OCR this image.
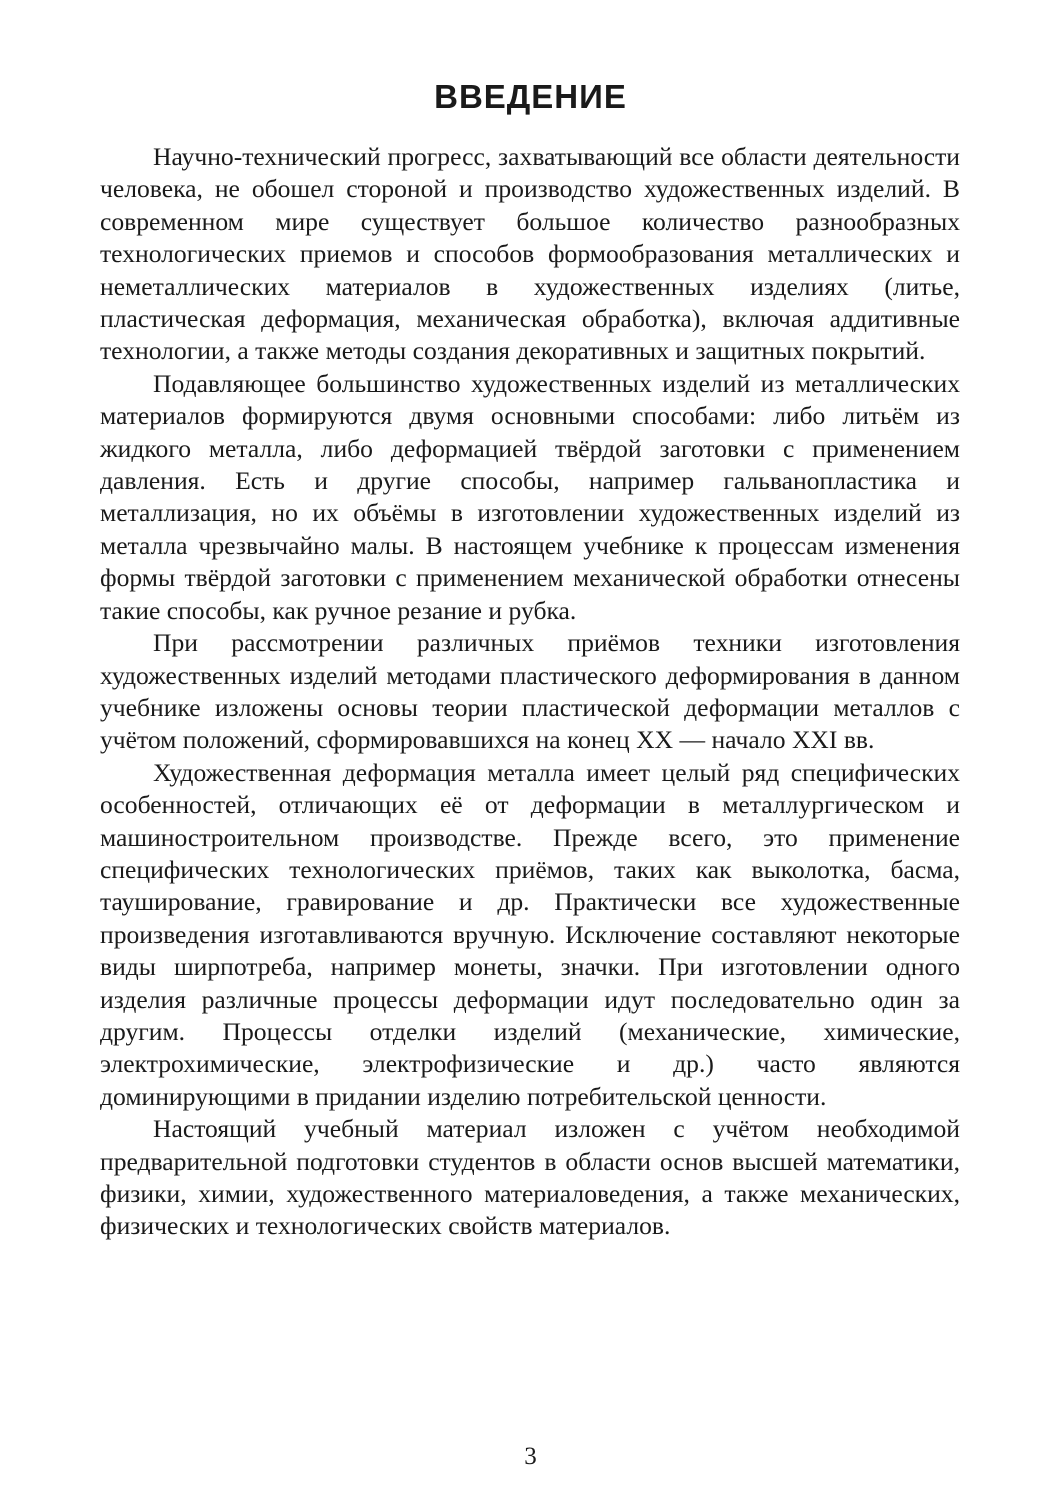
ВВЕДЕНИЕ

Научно-технический прогресс, захватывающий все области деятельности человека, не обошел стороной и производство художественных изделий. В современном мире существует большое количество разнообразных технологических приемов и способов формообразования металлических и неметаллических материалов в художественных изделиях (литье, пластическая деформация, механическая обработка), включая аддитивные технологии, а также методы создания декоративных и защитных покрытий.

Подавляющее большинство художественных изделий из металлических материалов формируются двумя основными способами: либо литьём из жидкого металла, либо деформацией твёрдой заготовки с применением давления. Есть и другие способы, например гальванопластика и металлизация, но их объёмы в изготовлении художественных изделий из металла чрезвычайно малы. В настоящем учебнике к процессам изменения формы твёрдой заготовки с применением механической обработки отнесены такие способы, как ручное резание и рубка.

При рассмотрении различных приёмов техники изготовления художественных изделий методами пластического деформирования в данном учебнике изложены основы теории пластической деформации металлов с учётом положений, сформировавшихся на конец XX — начало XXI вв.

Художественная деформация металла имеет целый ряд специфических особенностей, отличающих её от деформации в металлургическом и машиностроительном производстве. Прежде всего, это применение специфических технологических приёмов, таких как выколотка, басма, таушированиe, гравирование и др. Практически все художественные произведения изготавливаются вручную. Исключение составляют некоторые виды ширпотреба, например монеты, значки. При изготовлении одного изделия различные процессы деформации идут последовательно один за другим. Процессы отделки изделий (механические, химические, электрохимические, электрофизические и др.) часто являются доминирующими в придании изделию потребительской ценности.

Настоящий учебный материал изложен с учётом необходимой предварительной подготовки студентов в области основ высшей математики, физики, химии, художественного материаловедения, а также механических, физических и технологических свойств материалов.

3
